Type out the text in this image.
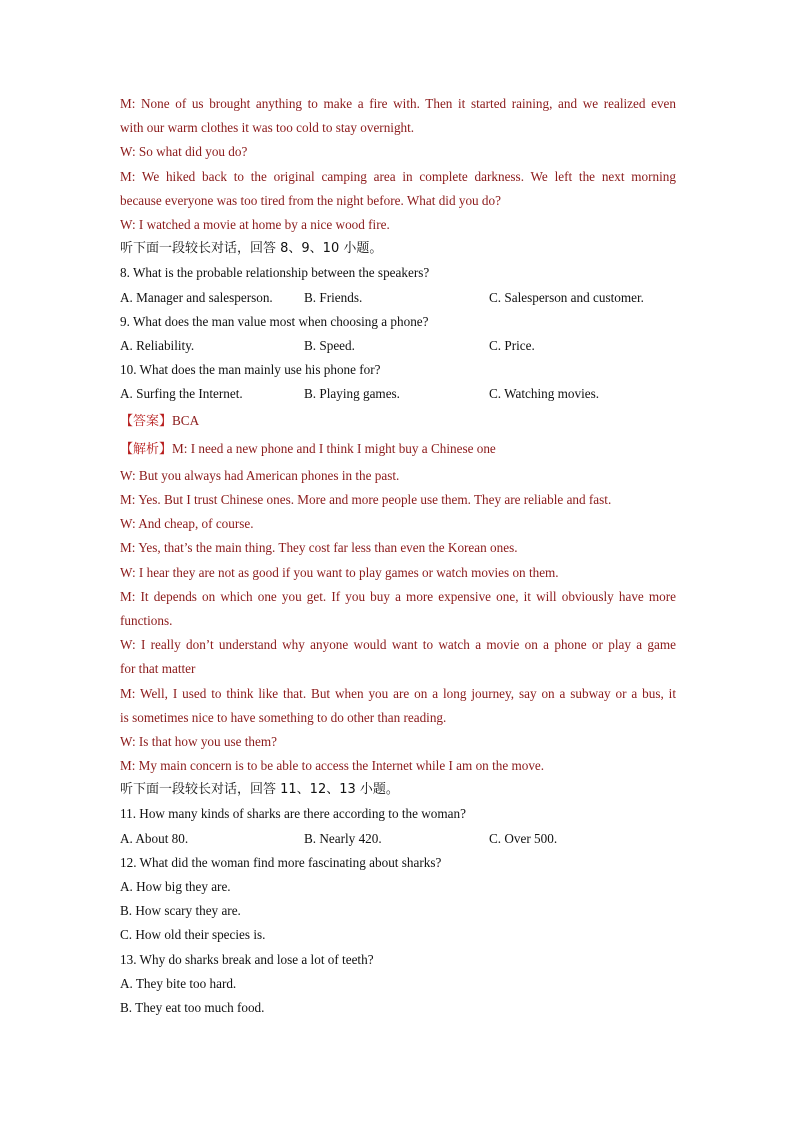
M: None of us brought anything to make a fire with. Then it started raining, and we realized even
with our warm clothes it was too cold to stay overnight.
W: So what did you do?
M: We hiked back to the original camping area in complete darkness. We left the next morning
because everyone was too tired from the night before. What did you do?
W: I watched a movie at home by a nice wood fire.
听下面一段较长对话，回答 8、9、10 小题。
8. What is the probable relationship between the speakers?
A. Manager and salesperson.	B. Friends.	C. Salesperson and customer.
9. What does the man value most when choosing a phone?
A. Reliability.	B. Speed.	C. Price.
10. What does the man mainly use his phone for?
A. Surfing the Internet.	B. Playing games.	C. Watching movies.
【答案】BCA
【解析】M: I need a new phone and I think I might buy a Chinese one
W: But you always had American phones in the past.
M: Yes. But I trust Chinese ones. More and more people use them. They are reliable and fast.
W: And cheap, of course.
M: Yes, that’s the main thing. They cost far less than even the Korean ones.
W: I hear they are not as good if you want to play games or watch movies on them.
M: It depends on which one you get. If you buy a more expensive one, it will obviously have more
functions.
W: I really don’t understand why anyone would want to watch a movie on a phone or play a game
for that matter
M: Well, I used to think like that. But when you are on a long journey, say on a subway or a bus, it
is sometimes nice to have something to do other than reading.
W: Is that how you use them?
M: My main concern is to be able to access the Internet while I am on the move.
听下面一段较长对话，回答 11、12、13 小题。
11. How many kinds of sharks are there according to the woman?
A. About 80.	B. Nearly 420.	C. Over 500.
12. What did the woman find more fascinating about sharks?
A. How big they are.
B. How scary they are.
C. How old their species is.
13. Why do sharks break and lose a lot of teeth?
A. They bite too hard.
B. They eat too much food.
